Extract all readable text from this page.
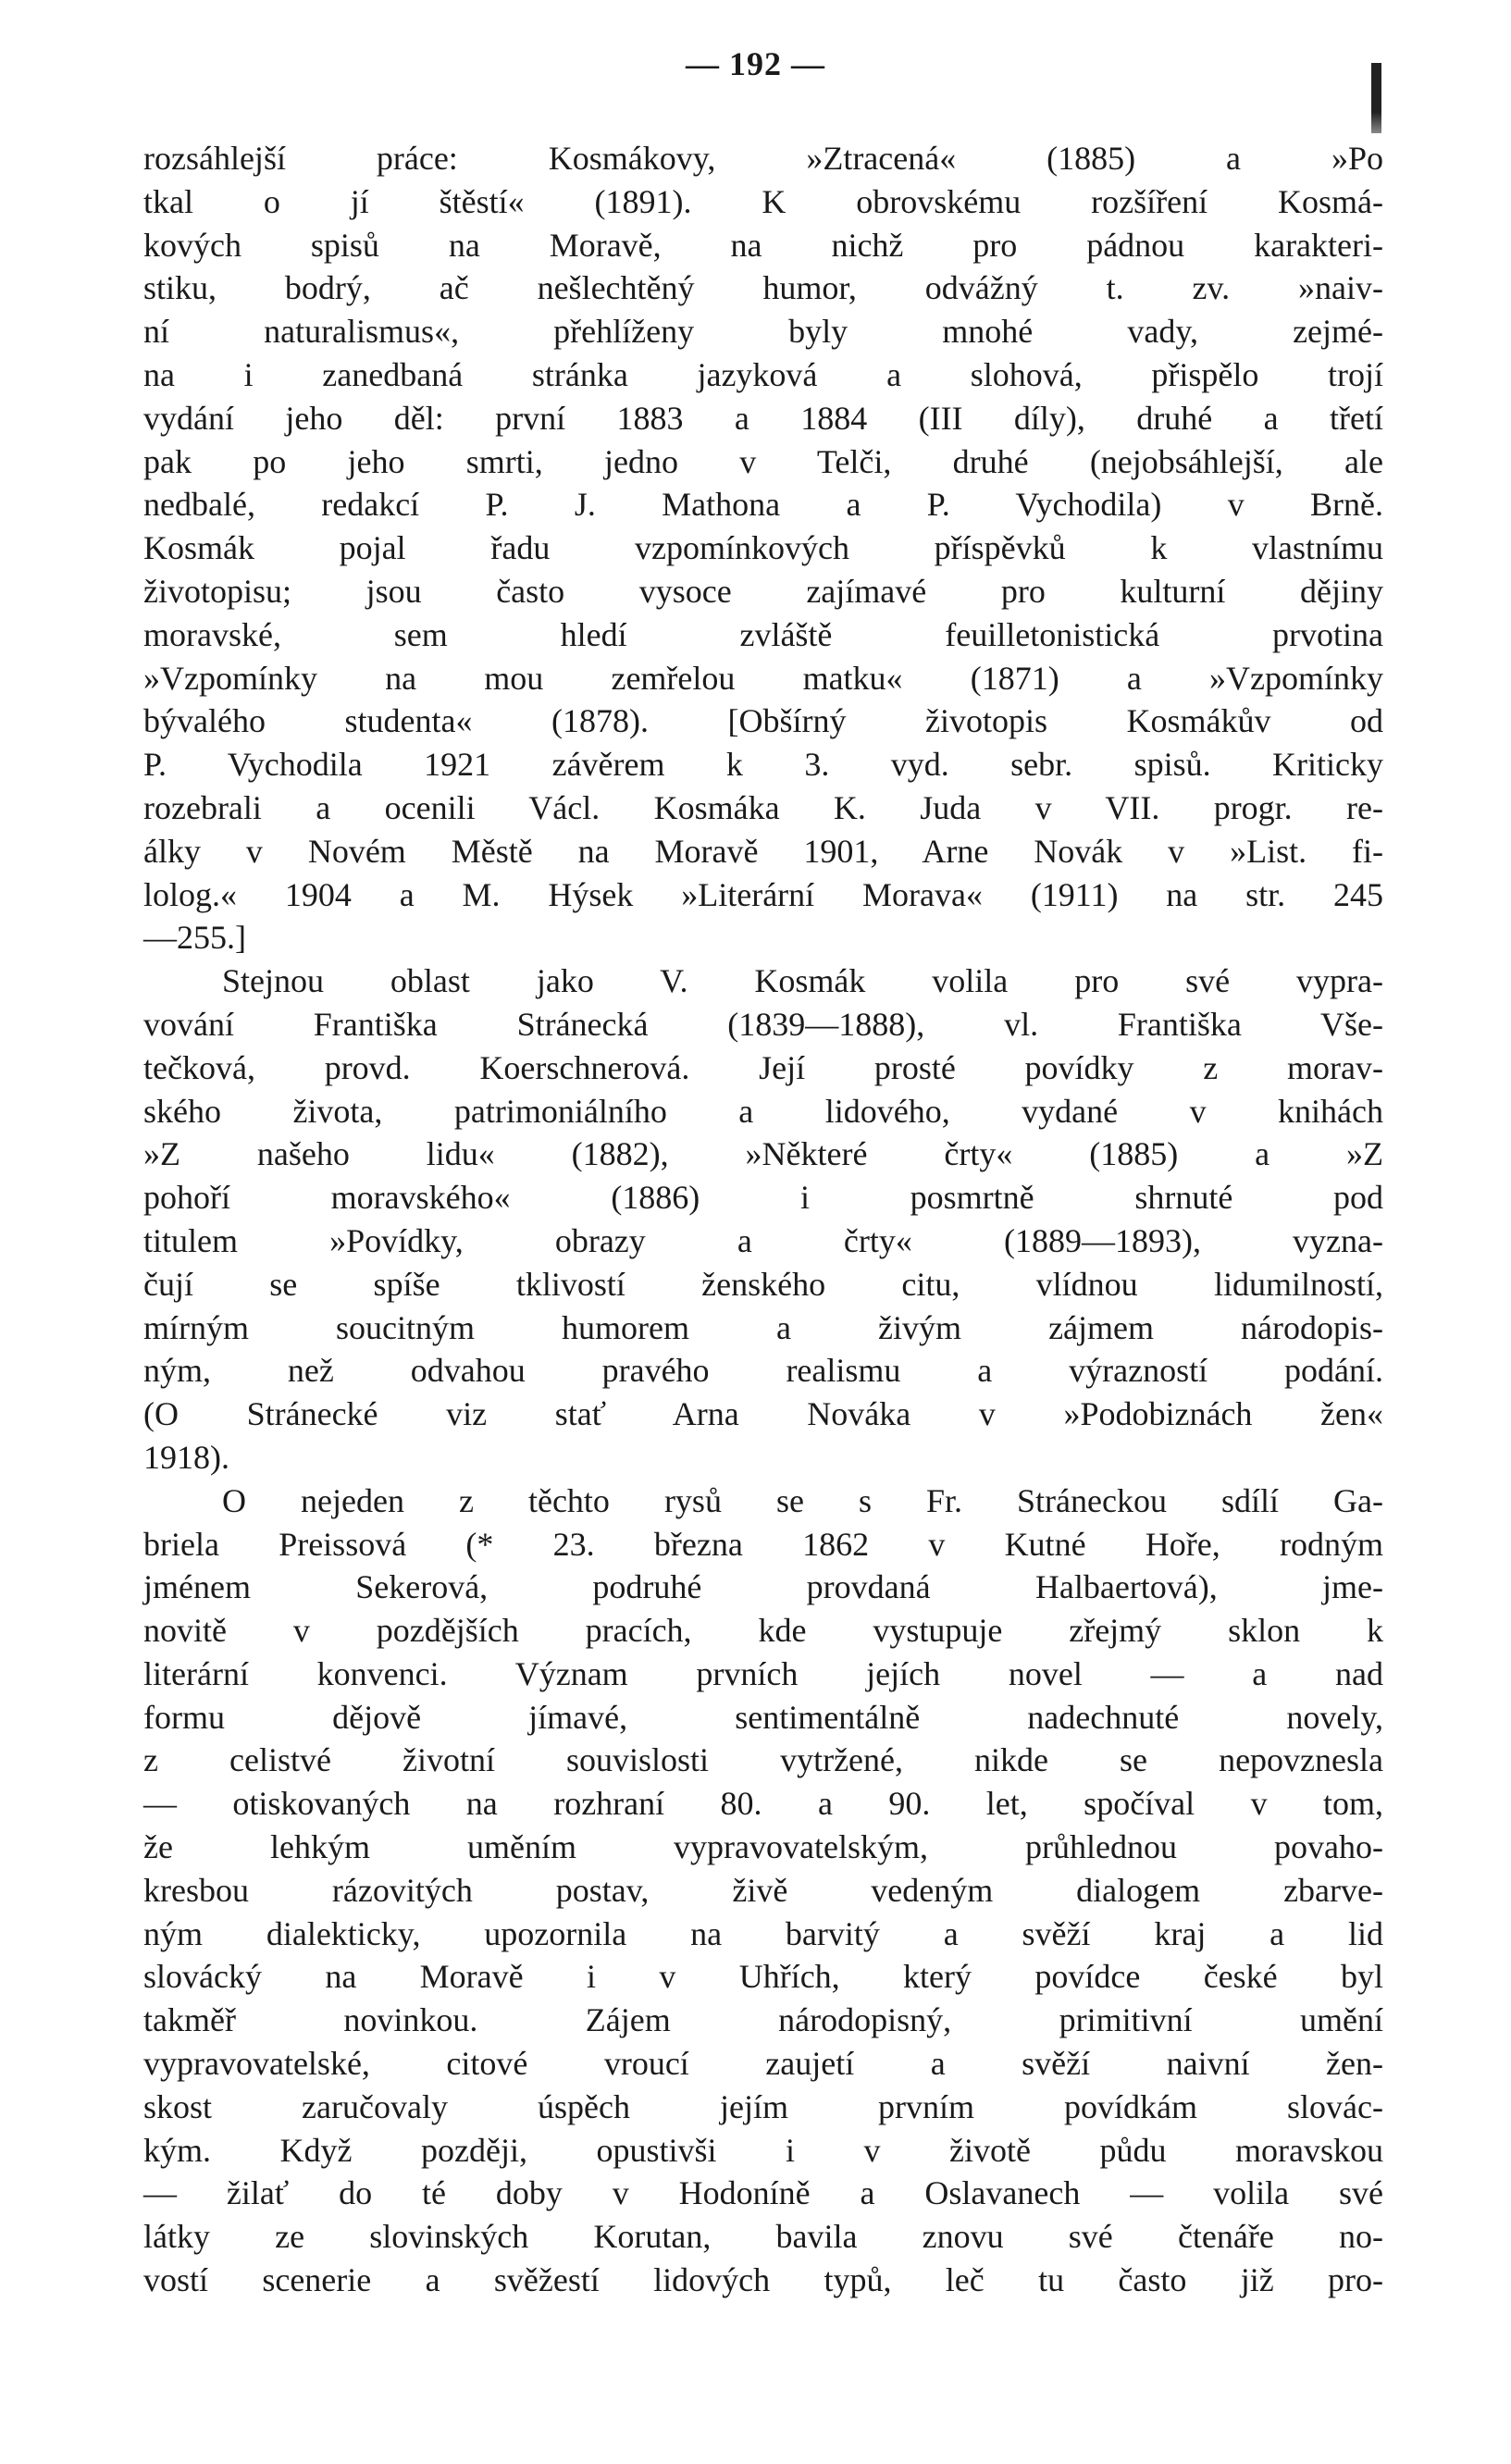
— 192 —
rozsáhlejší práce: Kosmákovy, »Ztracená« (1885) a »Po
tkal o jí štěstí« (1891). K obrovskému rozšíření Kosmá-
kových spisů na Moravě, na nichž pro pádnou karakteri-
stiku, bodrý, ač nešlechtěný humor, odvážný t. zv. »naiv-
ní naturalismus«, přehlíženy byly mnohé vady, zejmé-
na i zanedbaná stránka jazyková a slohová, přispělo trojí
vydání jeho děl: první 1883 a 1884 (III díly), druhé a třetí
pak po jeho smrti, jedno v Telči, druhé (nejobsáhlejší, ale
nedbalé, redakcí P. J. Mathona a P. Vychodila) v Brně.
Kosmák pojal řadu vzpomínkových příspěvků k vlastnímu
životopisu; jsou často vysoce zajímavé pro kulturní dějiny
moravské, sem hledí zvláště feuilletonistická prvotina
»Vzpomínky na mou zemřelou matku« (1871) a »Vzpomínky
bývalého studenta« (1878). [Obšírný životopis Kosmákův od
P. Vychodila 1921 závěrem k 3. vyd. sebr. spisů. Kriticky
rozebrali a ocenili Václ. Kosmáka K. Juda v VII. progr. re-
álky v Novém Městě na Moravě 1901, Arne Novák v »List. fi-
lolog.« 1904 a M. Hýsek »Literární Morava« (1911) na str. 245
—255.]
Stejnou oblast jako V. Kosmák volila pro své vypra-
vování Františka Stránecká (1839—1888), vl. Františka Vše-
tečková, provd. Koerschnerová. Její prosté povídky z morav-
ského života, patrimoniálního a lidového, vydané v knihách
»Z našeho lidu« (1882), »Některé črty« (1885) a »Z
pohoří moravského« (1886) i posmrtně shrnuté pod
titulem »Povídky, obrazy a črty« (1889—1893), vyzna-
čují se spíše tklivostí ženského citu, vlídnou lidumilností,
mírným soucitným humorem a živým zájmem národopis-
ným, než odvahou pravého realismu a výrazností podání.
(O Stránecké viz stať Arna Nováka v »Podobiznách žen«
1918).
O nejeden z těchto rysů se s Fr. Stráneckou sdílí Ga-
briela Preissová (* 23. března 1862 v Kutné Hoře, rodným
jménem Sekerová, podruhé provdaná Halbaertová), jme-
novitě v pozdějších pracích, kde vystupuje zřejmý sklon k
literární konvenci. Význam prvních jejích novel — a nad
formu dějově jímavé, sentimentálně nadechnuté novely,
z celistvé životní souvislosti vytržené, nikde se nepovznesla
— otiskovaných na rozhraní 80. a 90. let, spočíval v tom,
že lehkým uměním vypravovatelským, průhlednou povaho-
kresbou rázovitých postav, živě vedeným dialogem zbarve-
ným dialekticky, upozornila na barvitý a svěží kraj a lid
slovácký na Moravě i v Uhřích, který povídce české byl
takměř novinkou. Zájem národopisný, primitivní umění
vypravovatelské, citové vroucí zaujetí a svěží naivní žen-
skost zaručovaly úspěch jejím prvním povídkám slovác-
kým. Když později, opustivši i v životě půdu moravskou
— žilať do té doby v Hodoníně a Oslavanech — volila své
látky ze slovinských Korutan, bavila znovu své čtenáře no-
vostí scenerie a svěžestí lidových typů, leč tu často již pro-
